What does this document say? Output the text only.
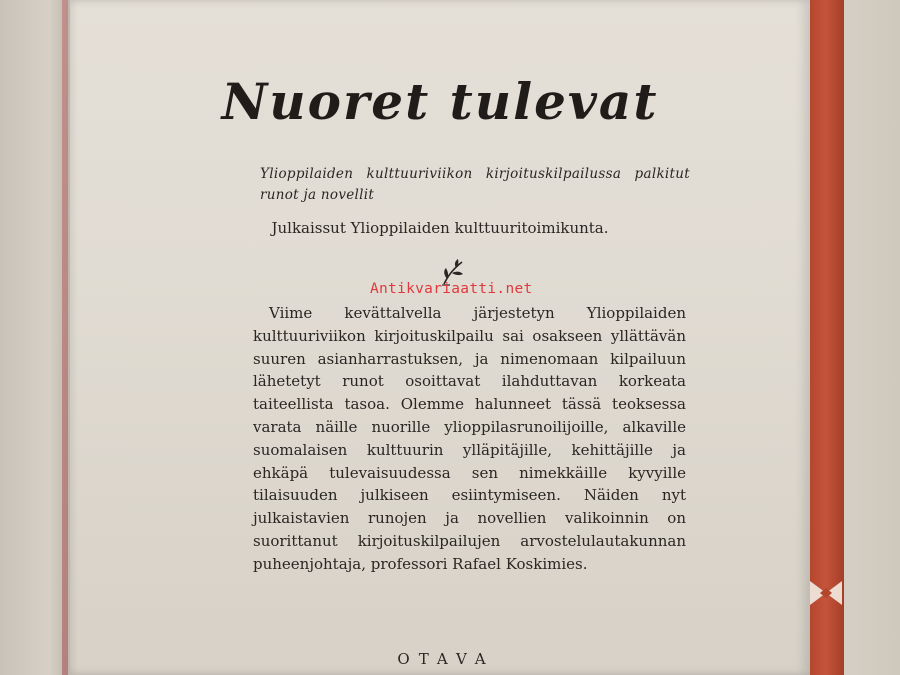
Nuoret tulevat
Ylioppilaiden kulttuuriviikon kirjoituskilpailussa palkitut runot ja novellit
Julkaissut Ylioppilaiden kulttuuritoimikunta.

Viime kevättalvella järjestetyn Ylioppilaiden kulttuuriviikon kirjoituskilpailu sai osakseen yllättävän suuren asianharrastuksen, ja nimenomaan kilpailuun lähetetyt runot osoittavat ilahduttavan korkeata taiteellista tasoa. Olemme halunneet tässä teoksessa varata näille nuorille ylioppilasrunoilijoille, alkaville suomalaisen kulttuurin ylläpitäjille, kehittäjille ja ehkäpä tulevaisuudessa sen nimekkäille kyvyille tilaisuuden julkiseen esiintymiseen. Näiden nyt julkaistavien runojen ja novellien valikoinnin on suorittanut kirjoituskilpailujen arvostelulautakunnan puheenjohtaja, professori Rafael Koskimies.

OTAVA
Antikvariaatti.net
